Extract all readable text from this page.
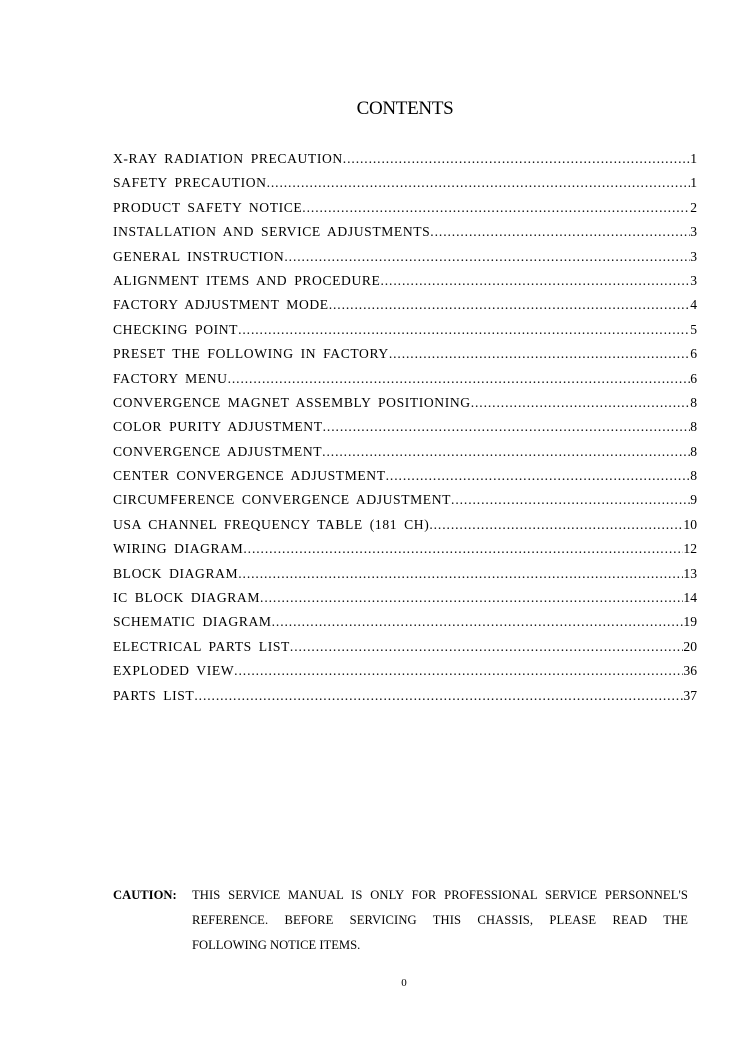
CONTENTS
X-RAY RADIATION PRECAUTION .....	1
SAFETY PRECAUTION .....	1
PRODUCT SAFETY NOTICE .....	2
INSTALLATION AND SERVICE ADJUSTMENTS .....	3
GENERAL INSTRUCTION .....	3
ALIGNMENT ITEMS AND PROCEDURE .....	3
FACTORY ADJUSTMENT MODE .....	4
CHECKING POINT .....	5
PRESET THE FOLLOWING IN FACTORY .....	6
FACTORY MENU .....	6
CONVERGENCE MAGNET ASSEMBLY POSITIONING .....	8
COLOR PURITY ADJUSTMENT .....	8
CONVERGENCE ADJUSTMENT .....	8
CENTER CONVERGENCE ADJUSTMENT .....	8
CIRCUMFERENCE CONVERGENCE ADJUSTMENT .....	9
USA CHANNEL FREQUENCY TABLE (181 CH) .....	10
WIRING DIAGRAM .....	12
BLOCK DIAGRAM .....	13
IC BLOCK DIAGRAM .....	14
SCHEMATIC DIAGRAM .....	19
ELECTRICAL PARTS LIST .....	20
EXPLODED VIEW .....	36
PARTS LIST .....	37
CAUTION: THIS SERVICE MANUAL IS ONLY FOR PROFESSIONAL SERVICE PERSONNEL'S
REFERENCE. BEFORE SERVICING THIS CHASSIS, PLEASE READ THE
FOLLOWING NOTICE ITEMS.
0
